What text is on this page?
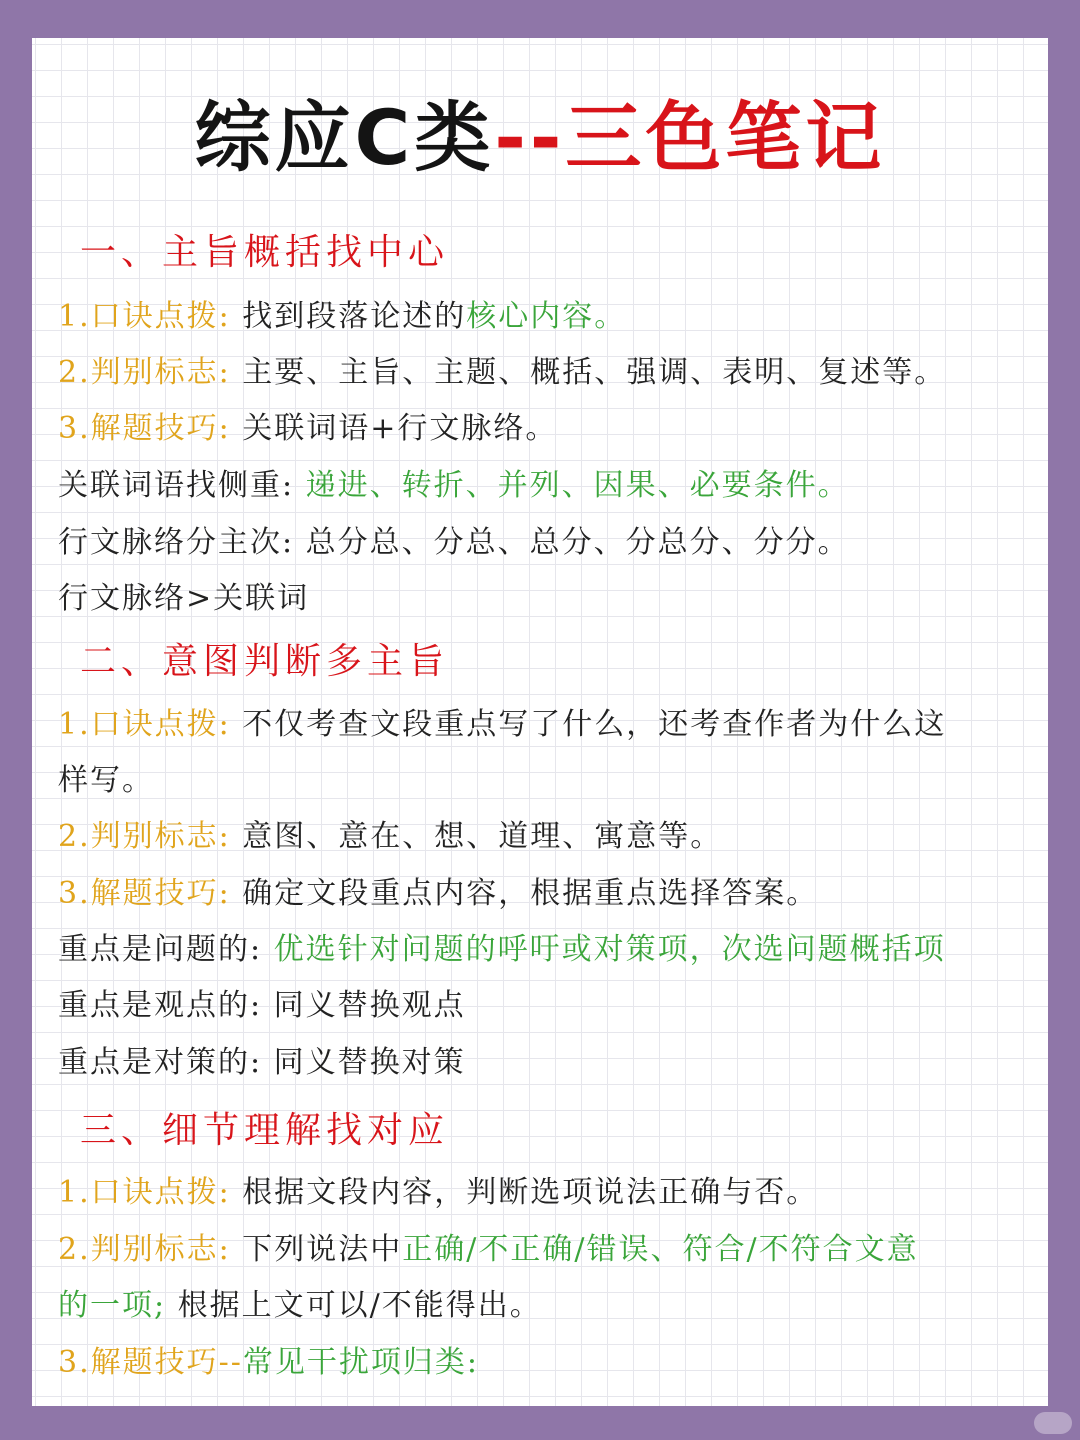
综应C类--三色笔记
一、主旨概括找中心
1.口诀点拨: 找到段落论述的核心内容。
2.判别标志: 主要、主旨、主题、概括、强调、表明、复述等。
3.解题技巧: 关联词语+行文脉络。
关联词语找侧重: 递进、转折、并列、因果、必要条件。
行文脉络分主次: 总分总、分总、总分、分总分、分分。
行文脉络>关联词
二、意图判断多主旨
1.口诀点拨: 不仅考查文段重点写了什么，还考查作者为什么这
样写。
2.判别标志: 意图、意在、想、道理、寓意等。
3.解题技巧: 确定文段重点内容，根据重点选择答案。
重点是问题的: 优选针对问题的呼吁或对策项，次选问题概括项
重点是观点的: 同义替换观点
重点是对策的: 同义替换对策
三、细节理解找对应
1.口诀点拨: 根据文段内容，判断选项说法正确与否。
2.判别标志: 下列说法中正确/不正确/错误、符合/不符合文意
的一项; 根据上文可以/不能得出。
3.解题技巧--常见干扰项归类:
